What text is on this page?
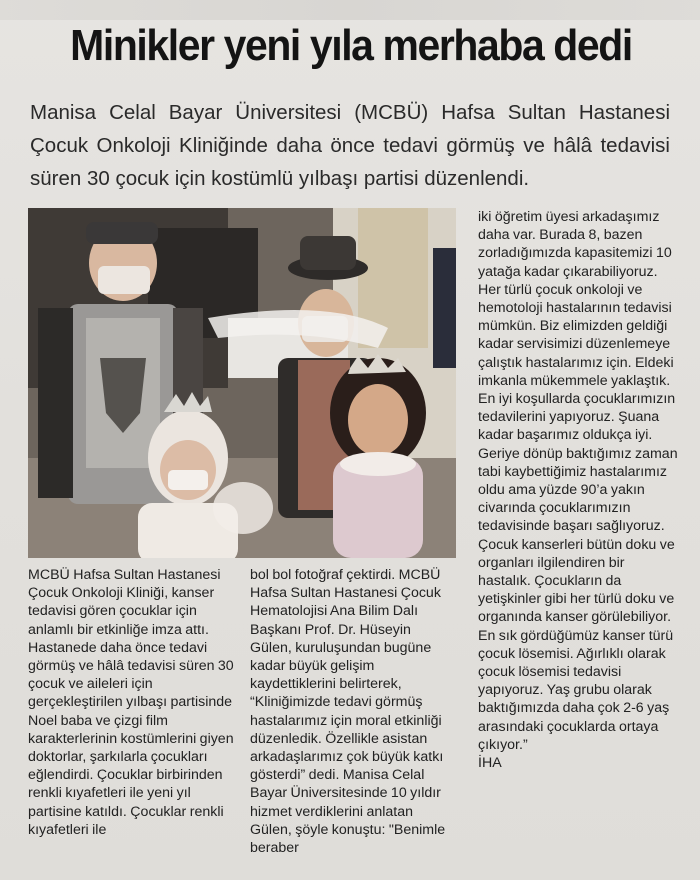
Minikler yeni yıla merhaba dedi

Manisa Celal Bayar Üniversitesi (MCBÜ) Hafsa Sultan Hastanesi Çocuk Onkoloji Kliniğinde daha önce tedavi görmüş ve hâlâ tedavisi süren 30 çocuk için kostümlü yılbaşı partisi düzenlendi.

MCBÜ Hafsa Sultan Hastanesi Çocuk Onkoloji Kliniği, kanser tedavisi gören çocuklar için anlamlı bir etkinliğe imza attı. Hastanede daha önce tedavi görmüş ve hâlâ tedavisi süren 30 çocuk ve aileleri için gerçekleştirilen yılbaşı partisinde Noel baba ve çizgi film karakterlerinin kostümlerini giyen doktorlar, şarkılarla çocukları eğlendirdi. Çocuklar birbirinden renkli kıyafetleri ile yeni yıl partisine katıldı. Çocuklar renkli kıyafetleri ile

bol bol fotoğraf çektirdi. MCBÜ Hafsa Sultan Hastanesi Çocuk Hematolojisi Ana Bilim Dalı Başkanı Prof. Dr. Hüseyin Gülen, kuruluşundan bugüne kadar büyük gelişim kaydettiklerini belirterek, “Kliniğimizde tedavi görmüş hastalarımız için moral etkinliği düzenledik. Özellikle asistan arkadaşlarımız çok büyük katkı gösterdi” dedi. Manisa Celal Bayar Üniversitesinde 10 yıldır hizmet verdiklerini anlatan Gülen, şöyle konuştu: "Benimle beraber

iki öğretim üyesi arkadaşımız daha var. Burada 8, bazen zorladığımızda kapasitemizi 10 yatağa kadar çıkarabiliyoruz. Her türlü çocuk onkoloji ve hemotoloji hastalarının tedavisi mümkün. Biz elimizden geldiği kadar servisimizi düzenlemeye çalıştık hastalarımız için. Eldeki imkanla mükemmele yaklaştık. En iyi koşullarda çocuklarımızın tedavilerini yapıyoruz. Şuana kadar başarımız oldukça iyi. Geriye dönüp baktığımız zaman tabi kaybettiğimiz hastalarımız oldu ama yüzde 90’a yakın civarında çocuklarımızın tedavisinde başarı sağlıyoruz. Çocuk kanserleri bütün doku ve organları ilgilendiren bir hastalık. Çocukların da yetişkinler gibi her türlü doku ve organında kanser görülebiliyor. En sık gördüğümüz kanser türü çocuk lösemisi. Ağırlıklı olarak çocuk lösemisi tedavisi yapıyoruz. Yaş grubu olarak baktığımızda daha çok 2-6 yaş arasındaki çocuklarda ortaya çıkıyor.”

İHA
